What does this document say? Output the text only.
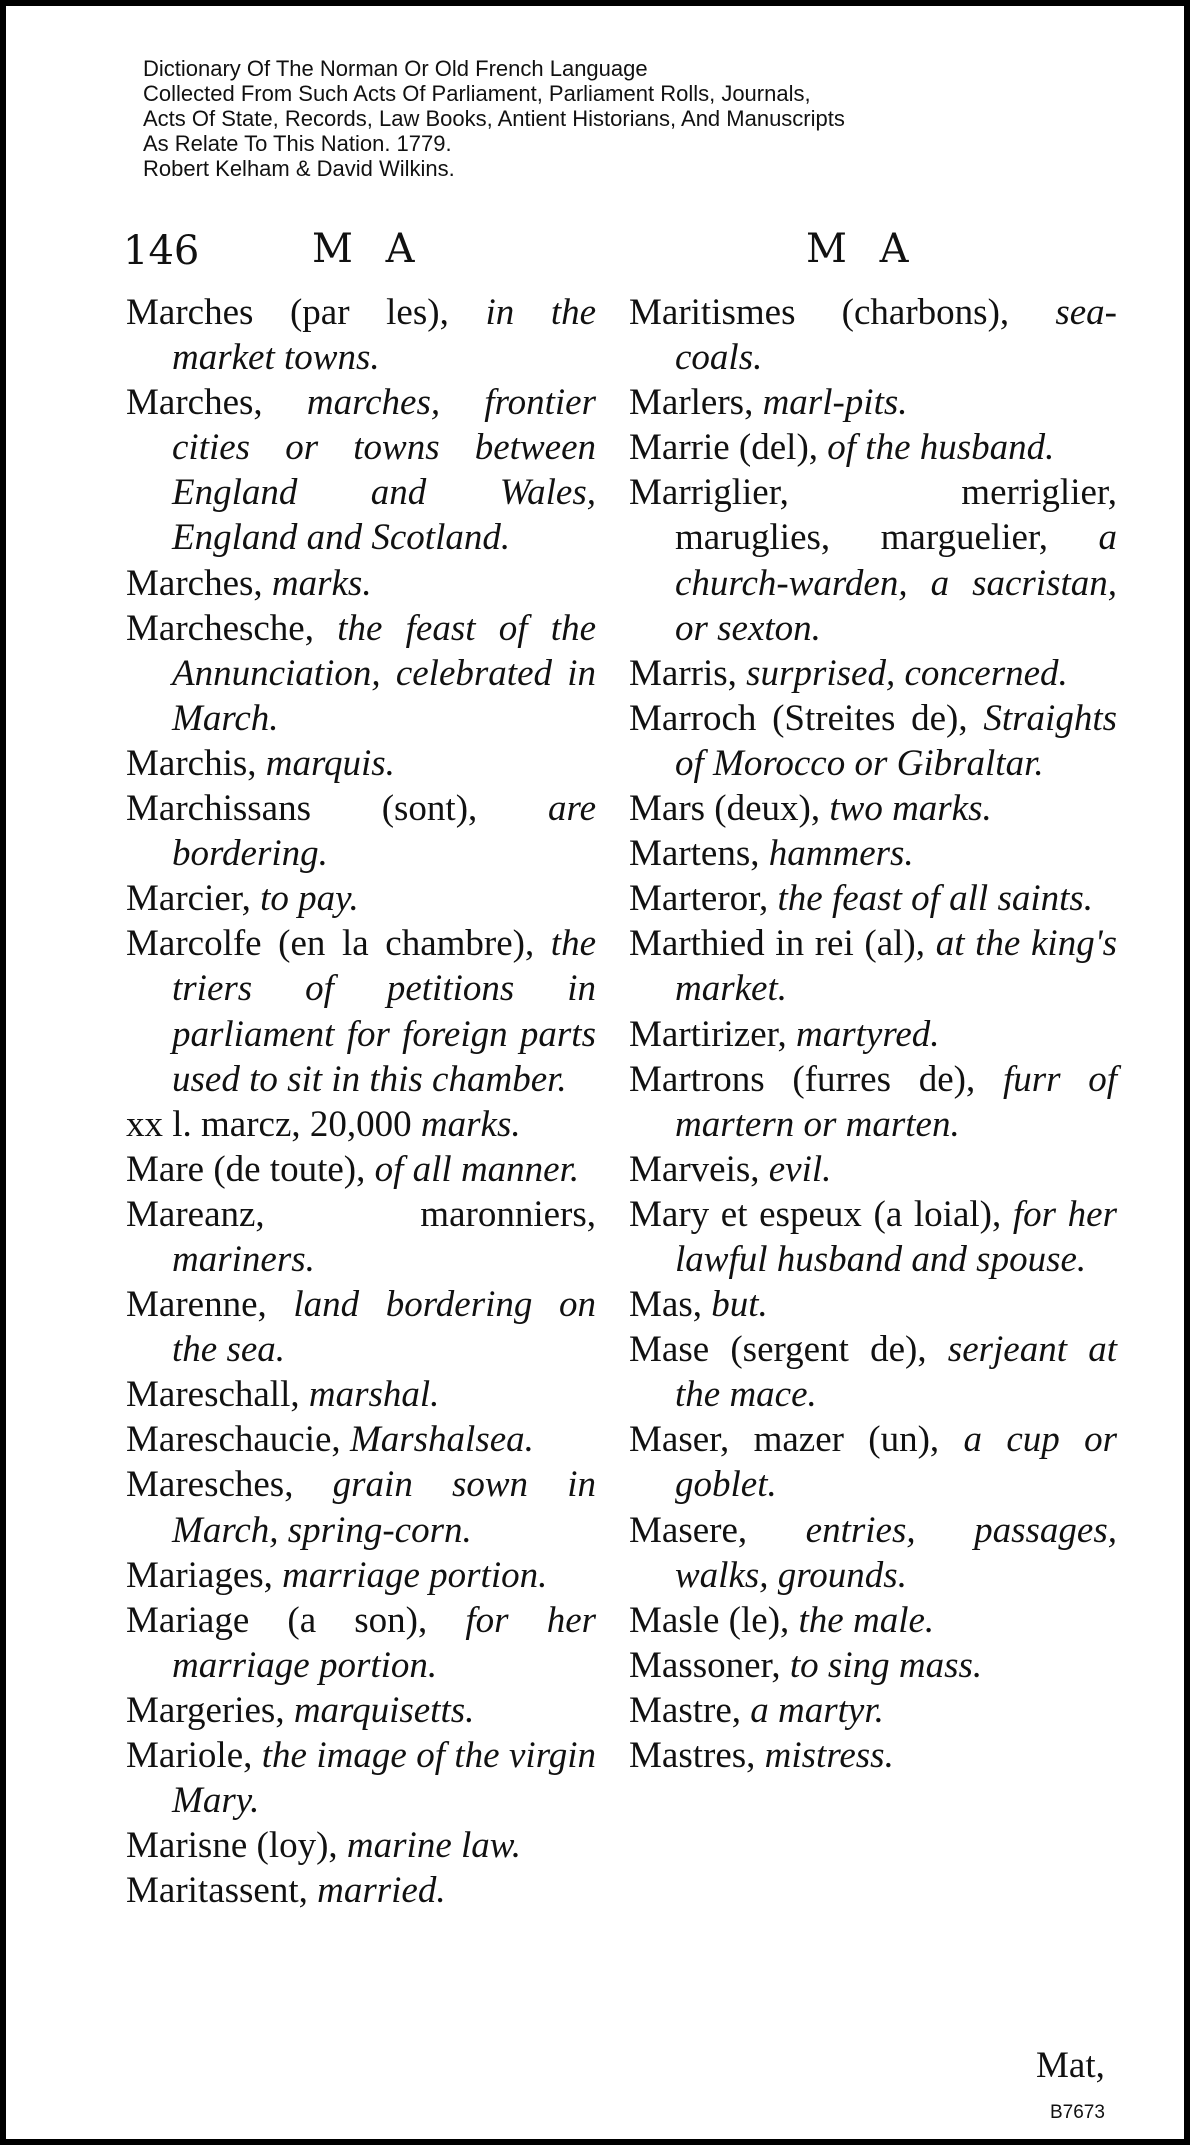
Dictionary Of The Norman Or Old French Language
Collected From Such Acts Of Parliament, Parliament Rolls, Journals,
Acts Of State, Records, Law Books, Antient Historians, And Manuscripts
As Relate To This Nation. 1779.
Robert Kelham & David Wilkins.
146	M A	M A

Marches (par les), in the market towns.

Marches, marches, frontier cities or towns between England and Wales, England and Scotland.

Marches, marks.

Marchesche, the feast of the Annunciation, celebrated in March.

Marchis, marquis.

Marchissans (sont), are bordering.

Marcier, to pay.

Marcolfe (en la chambre), the triers of petitions in parliament for foreign parts used to sit in this chamber.

xx l. marcz, 20,000 marks.

Mare (de toute), of all manner.

Mareanz, maronniers, mariners.

Marenne, land bordering on the sea.

Mareschall, marshal.

Mareschaucie, Marshalsea.

Maresches, grain sown in March, spring-corn.

Mariages, marriage portion.

Mariage (a son), for her marriage portion.

Margeries, marquisetts.

Mariole, the image of the virgin Mary.

Marisne (loy), marine law.

Maritassent, married.

Maritismes (charbons), sea-coals.

Marlers, marl-pits.

Marrie (del), of the husband.

Marriglier, merriglier, maruglies, marguelier, a church-warden, a sacristan, or sexton.

Marris, surprised, concerned.

Marroch (Streites de), Straights of Morocco or Gibraltar.

Mars (deux), two marks.

Martens, hammers.

Marteror, the feast of all saints.

Marthied in rei (al), at the king's market.

Martirizer, martyred.

Martrons (furres de), furr of martern or marten.

Marveis, evil.

Mary et espeux (a loial), for her lawful husband and spouse.

Mas, but.

Mase (sergent de), serjeant at the mace.

Maser, mazer (un), a cup or goblet.

Masere, entries, passages, walks, grounds.

Masle (le), the male.

Massoner, to sing mass.

Mastre, a martyr.

Mastres, mistress.

Mat,
B7673
